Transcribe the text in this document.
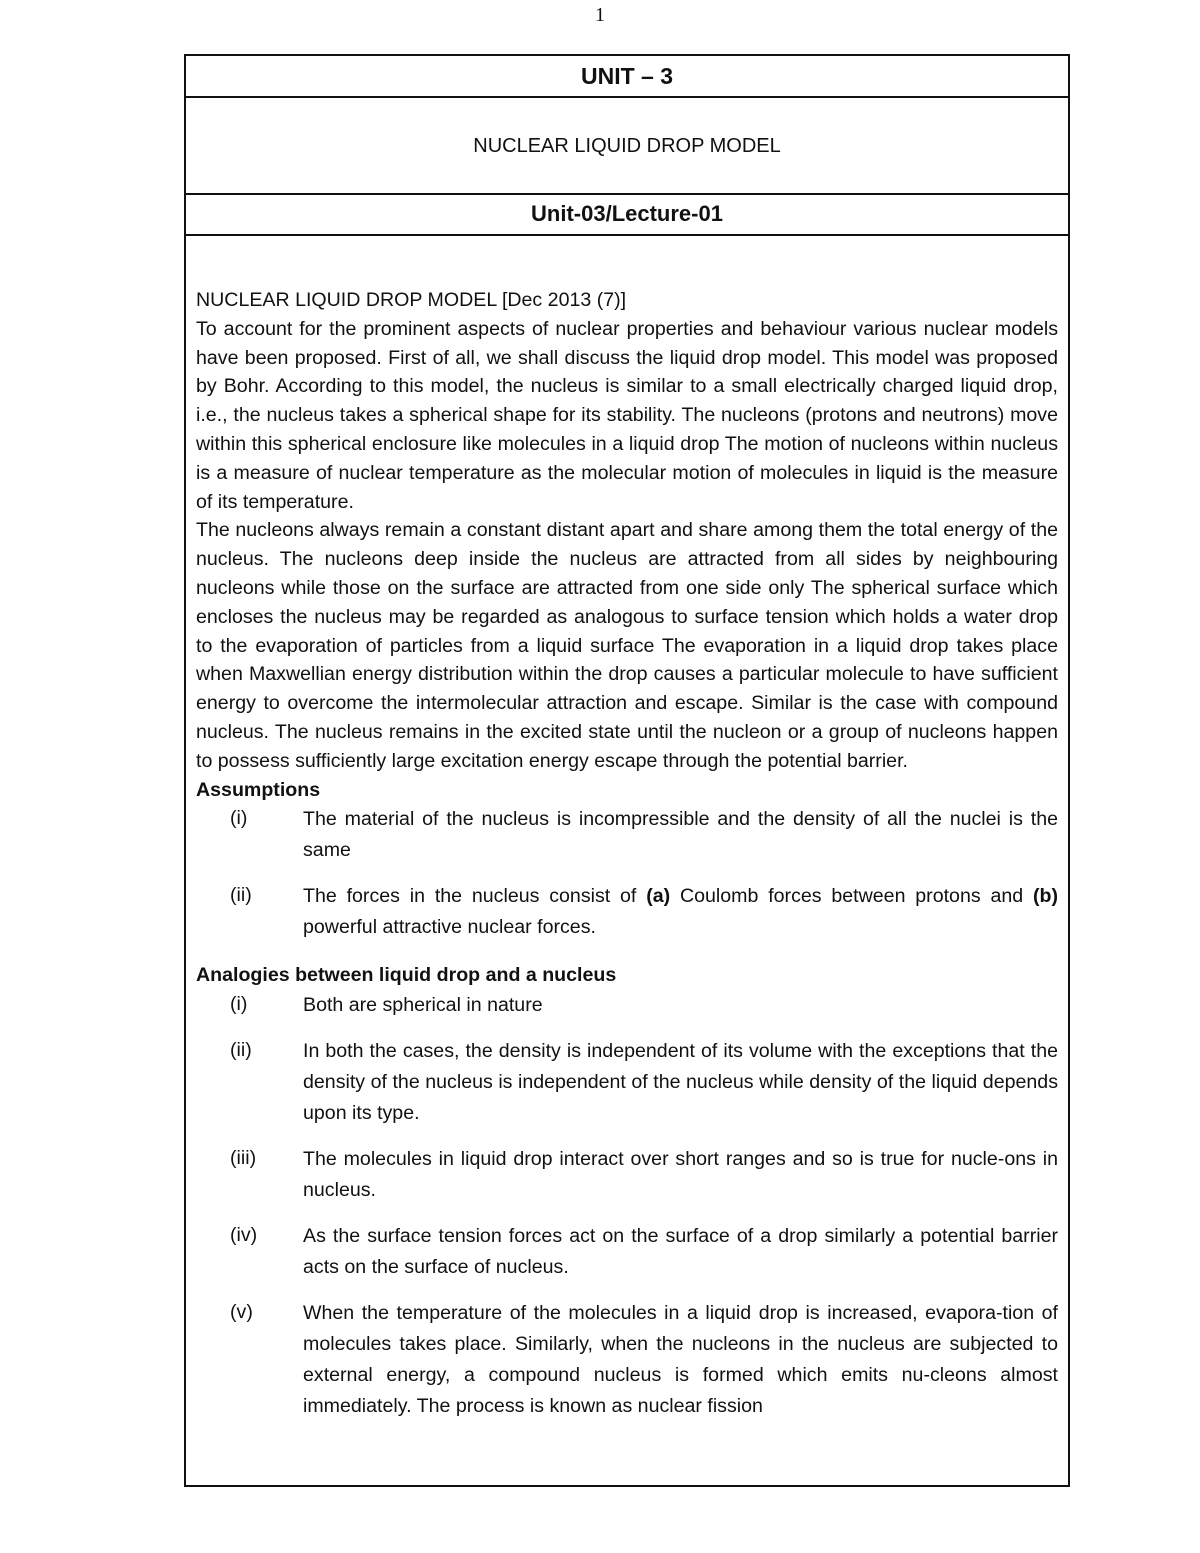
1
UNIT – 3
NUCLEAR LIQUID DROP MODEL
Unit-03/Lecture-01
NUCLEAR LIQUID DROP MODEL [Dec 2013 (7)]

To account for the prominent aspects of nuclear properties and behaviour various nuclear models have been proposed. First of all, we shall discuss the liquid drop model. This model was proposed by Bohr. According to this model, the nucleus is similar to a small electrically charged liquid drop, i.e., the nucleus takes a spherical shape for its stability. The nucleons (protons and neutrons) move within this spherical enclosure like molecules in a liquid drop The motion of nucleons within nucleus is a measure of nuclear temperature as the molecular motion of molecules in liquid is the measure of its temperature.

The nucleons always remain a constant distant apart and share among them the total energy of the nucleus. The nucleons deep inside the nucleus are attracted from all sides by neighbouring nucleons while those on the surface are attracted from one side only The spherical surface which encloses the nucleus may be regarded as analogous to surface tension which holds a water drop to the evaporation of particles from a liquid surface The evaporation in a liquid drop takes place when Maxwellian energy distribution within the drop causes a particular molecule to have sufficient energy to overcome the intermolecular attraction and escape. Similar is the case with compound nucleus. The nucleus remains in the excited state until the nucleon or a group of nucleons happen to possess sufficiently large excitation energy escape through the potential barrier.

Assumptions
(i)	The material of the nucleus is incompressible and the density of all the nuclei is the same
(ii)	The forces in the nucleus consist of (a) Coulomb forces between protons and (b) powerful attractive nuclear forces.
Analogies between liquid drop and a nucleus
(i)	Both are spherical in nature
(ii)	In both the cases, the density is independent of its volume with the exceptions that the density of the nucleus is independent of the nucleus while density of the liquid depends upon its type.
(iii)	The molecules in liquid drop interact over short ranges and so is true for nucle-ons in nucleus.
(iv)	As the surface tension forces act on the surface of a drop similarly a potential barrier acts on the surface of nucleus.
(v)	When the temperature of the molecules in a liquid drop is increased, evapora-tion of molecules takes place. Similarly, when the nucleons in the nucleus are subjected to external energy, a compound nucleus is formed which emits nu-cleons almost immediately. The process is known as nuclear fission
